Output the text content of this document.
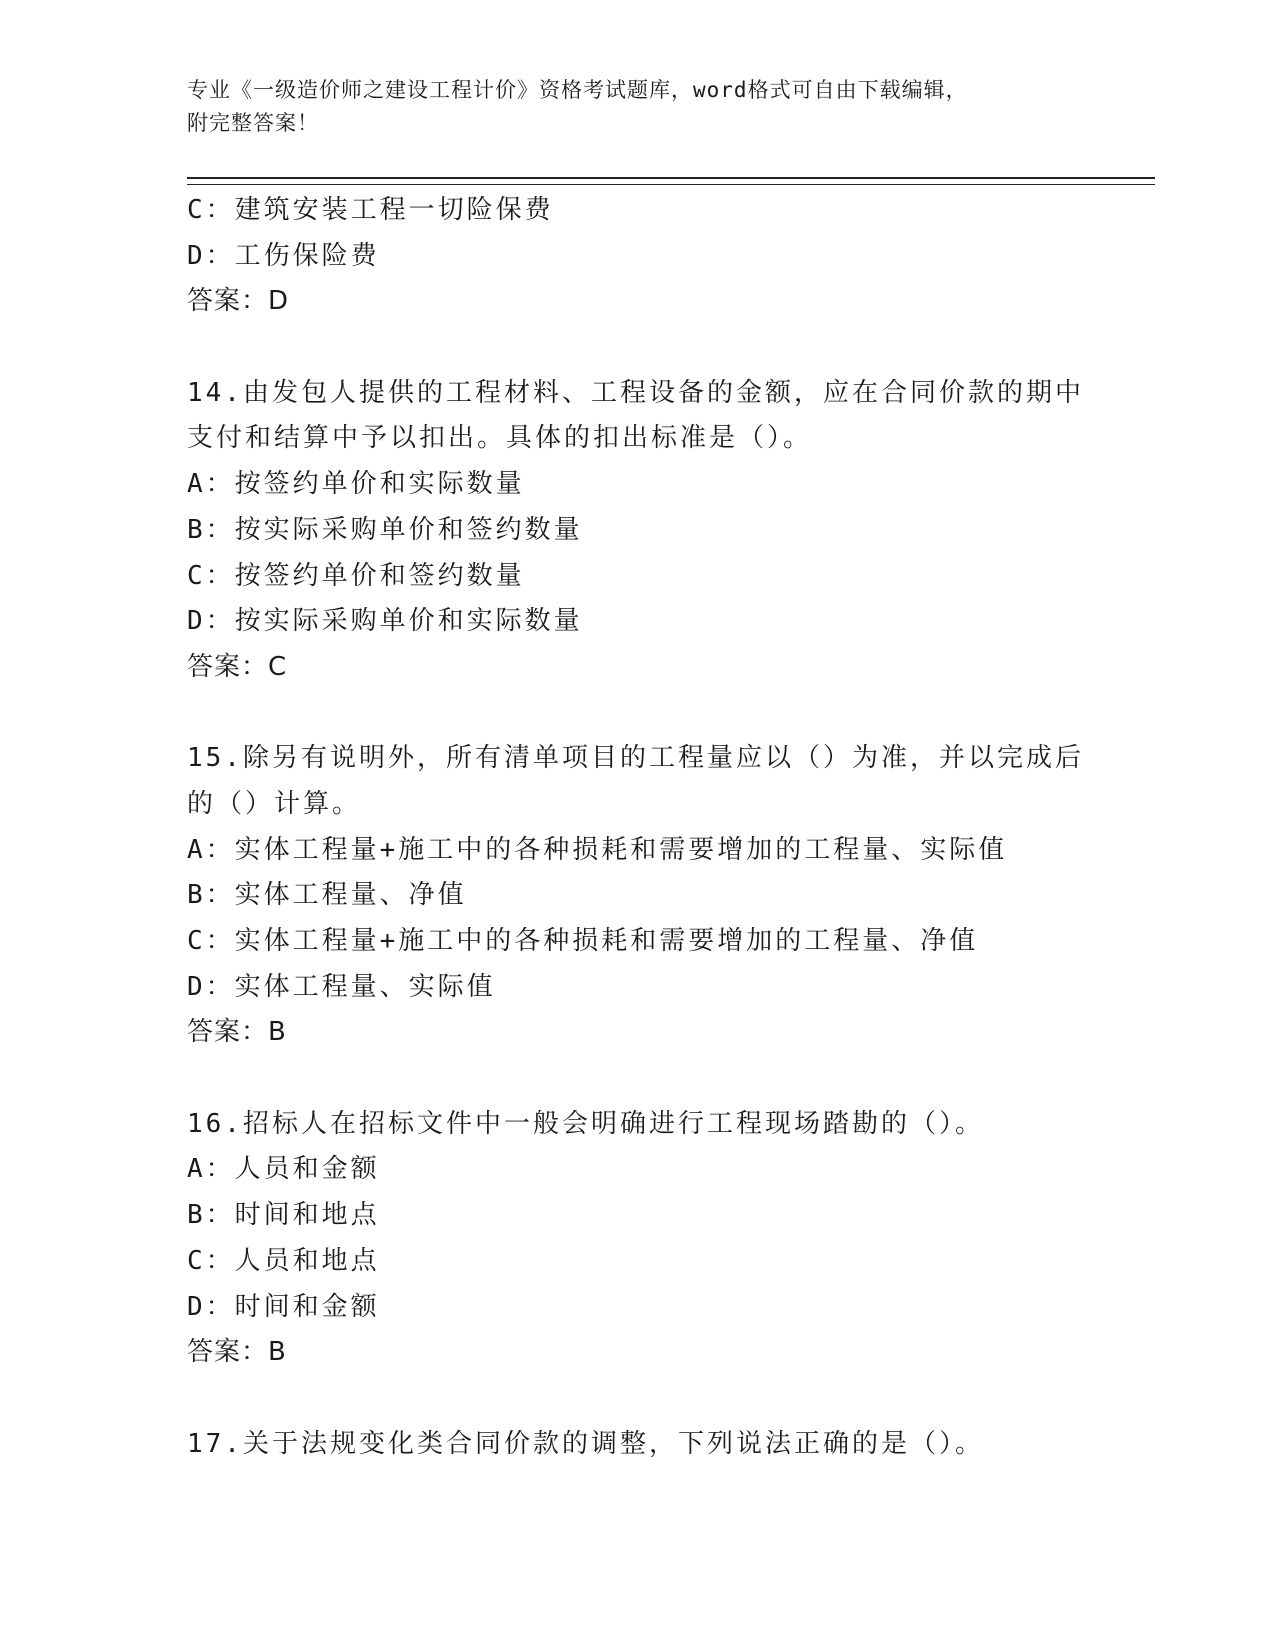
专业《一级造价师之建设工程计价》资格考试题库，word格式可自由下载编辑，
附完整答案！
C：建筑安装工程一切险保费
D：工伤保险费
答案：D
14.由发包人提供的工程材料、工程设备的金额，应在合同价款的期中
支付和结算中予以扣出。具体的扣出标准是（）。
A：按签约单价和实际数量
B：按实际采购单价和签约数量
C：按签约单价和签约数量
D：按实际采购单价和实际数量
答案：C
15.除另有说明外，所有清单项目的工程量应以（）为准，并以完成后
的（）计算。
A：实体工程量+施工中的各种损耗和需要增加的工程量、实际值
B：实体工程量、净值
C：实体工程量+施工中的各种损耗和需要增加的工程量、净值
D：实体工程量、实际值
答案：B
16.招标人在招标文件中一般会明确进行工程现场踏勘的（）。
A：人员和金额
B：时间和地点
C：人员和地点
D：时间和金额
答案：B
17.关于法规变化类合同价款的调整，下列说法正确的是（）。
